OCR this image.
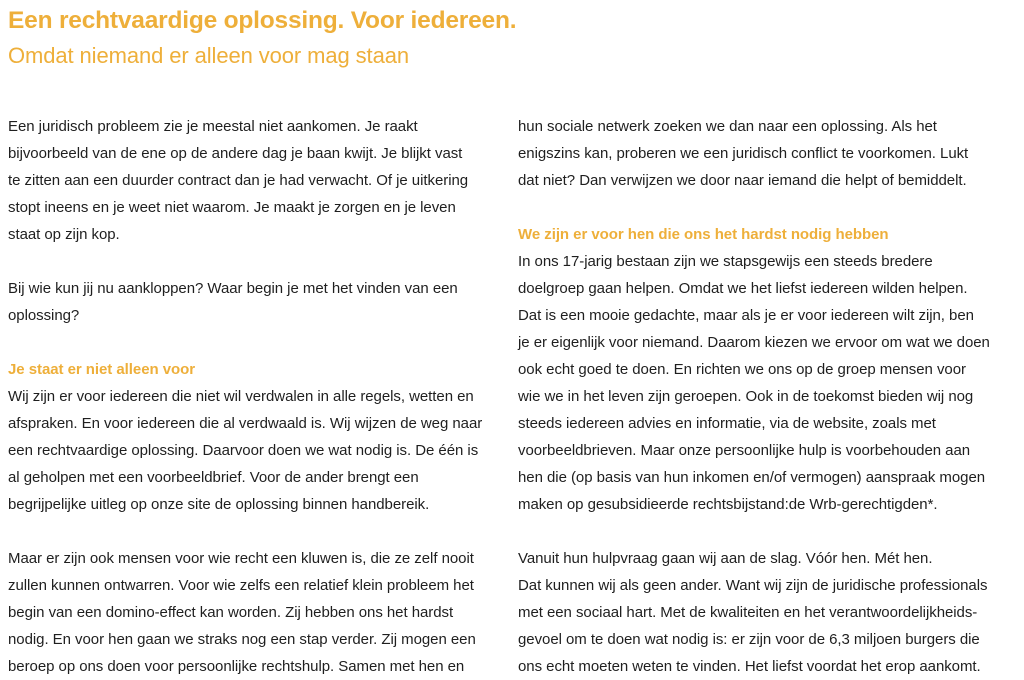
Een rechtvaardige oplossing. Voor iedereen.
Omdat niemand er alleen voor mag staan

Een juridisch probleem zie je meestal niet aankomen. Je raakt
bijvoorbeeld van de ene op de andere dag je baan kwijt. Je blijkt vast
te zitten aan een duurder contract dan je had verwacht. Of je uitkering
stopt ineens en je weet niet waarom. Je maakt je zorgen en je leven
staat op zijn kop.

Bij wie kun jij nu aankloppen? Waar begin je met het vinden van een
oplossing?

Je staat er niet alleen voor

Wij zijn er voor iedereen die niet wil verdwalen in alle regels, wetten en
afspraken. En voor iedereen die al verdwaald is. Wij wijzen de weg naar
een rechtvaardige oplossing. Daarvoor doen we wat nodig is. De één is
al geholpen met een voorbeeldbrief. Voor de ander brengt een
begrijpelijke uitleg op onze site de oplossing binnen handbereik.

Maar er zijn ook mensen voor wie recht een kluwen is, die ze zelf nooit
zullen kunnen ontwarren. Voor wie zelfs een relatief klein probleem het
begin van een domino-effect kan worden. Zij hebben ons het hardst
nodig. En voor hen gaan we straks nog een stap verder. Zij mogen een
beroep op ons doen voor persoonlijke rechtshulp. Samen met hen en

hun sociale netwerk zoeken we dan naar een oplossing. Als het
enigszins kan, proberen we een juridisch conflict te voorkomen. Lukt
dat niet? Dan verwijzen we door naar iemand die helpt of bemiddelt.

We zijn er voor hen die ons het hardst nodig hebben

In ons 17-jarig bestaan zijn we stapsgewijs een steeds bredere
doelgroep gaan helpen. Omdat we het liefst iedereen wilden helpen.
Dat is een mooie gedachte, maar als je er voor iedereen wilt zijn, ben
je er eigenlijk voor niemand. Daarom kiezen we ervoor om wat we doen
ook echt goed te doen. En richten we ons op de groep mensen voor
wie we in het leven zijn geroepen. Ook in de toekomst bieden wij nog
steeds iedereen advies en informatie, via de website, zoals met
voorbeeldbrieven. Maar onze persoonlijke hulp is voorbehouden aan
hen die (op basis van hun inkomen en/of vermogen) aanspraak mogen
maken op gesubsidieerde rechtsbijstand:de Wrb-gerechtigden*.

Vanuit hun hulpvraag gaan wij aan de slag. Vóór hen. Mét hen.
Dat kunnen wij als geen ander. Want wij zijn de juridische professionals
met een sociaal hart. Met de kwaliteiten en het verantwoordelijkheids-
gevoel om te doen wat nodig is: er zijn voor de 6,3 miljoen burgers die
ons echt moeten weten te vinden. Het liefst voordat het erop aankomt.
